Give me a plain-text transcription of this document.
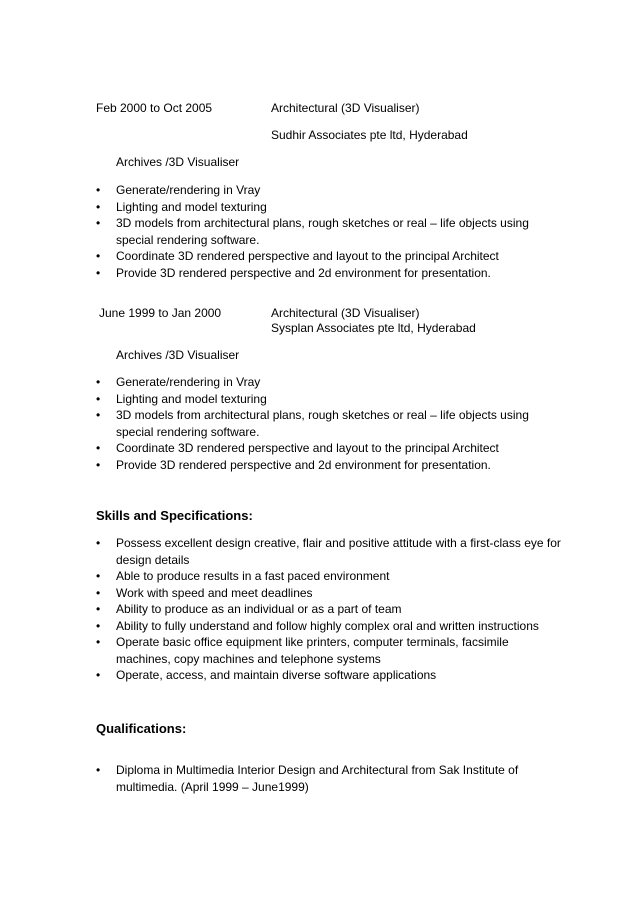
Feb 2000 to Oct 2005	Architectural (3D Visualiser)
Sudhir Associates pte ltd, Hyderabad
Archives /3D Visualiser
• Generate/rendering in Vray
• Lighting and model texturing
• 3D models from architectural plans, rough sketches or real – life objects using special rendering software.
• Coordinate 3D rendered perspective and layout to the principal Architect
• Provide 3D rendered perspective and 2d environment for presentation.
June 1999 to Jan 2000	Architectural (3D Visualiser)
Sysplan Associates pte ltd, Hyderabad
Archives /3D Visualiser
• Generate/rendering in Vray
• Lighting and model texturing
• 3D models from architectural plans, rough sketches or real – life objects using special rendering software.
• Coordinate 3D rendered perspective and layout to the principal Architect
• Provide 3D rendered perspective and 2d environment for presentation.
Skills and Specifications:
• Possess excellent design creative, flair and positive attitude with a first-class eye for design details
• Able to produce results in a fast paced environment
• Work with speed and meet deadlines
• Ability to produce as an individual or as a part of team
• Ability to fully understand and follow highly complex oral and written instructions
• Operate basic office equipment like printers, computer terminals, facsimile machines, copy machines and telephone systems
• Operate, access, and maintain diverse software applications
Qualifications:
• Diploma in Multimedia Interior Design and Architectural from Sak Institute of multimedia. (April 1999 – June1999)
